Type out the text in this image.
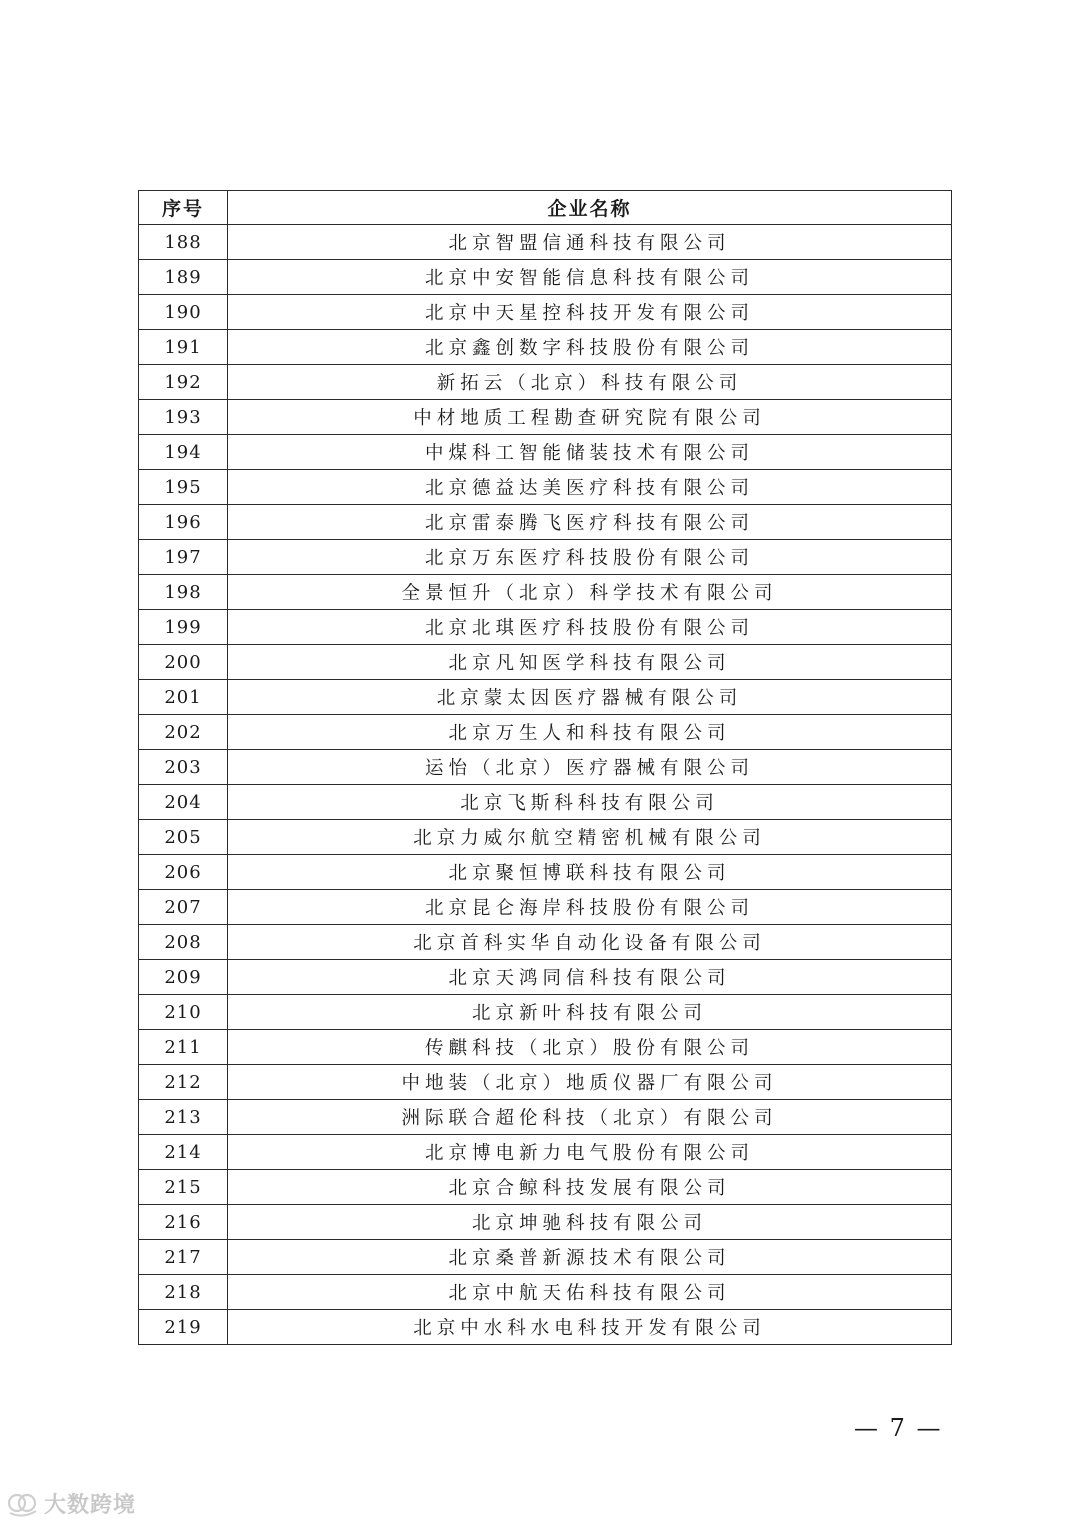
序号	企业名称
188	北京智盟信通科技有限公司
189	北京中安智能信息科技有限公司
190	北京中天星控科技开发有限公司
191	北京鑫创数字科技股份有限公司
192	新拓云（北京）科技有限公司
193	中材地质工程勘查研究院有限公司
194	中煤科工智能储装技术有限公司
195	北京德益达美医疗科技有限公司
196	北京雷泰腾飞医疗科技有限公司
197	北京万东医疗科技股份有限公司
198	全景恒升（北京）科学技术有限公司
199	北京北琪医疗科技股份有限公司
200	北京凡知医学科技有限公司
201	北京蒙太因医疗器械有限公司
202	北京万生人和科技有限公司
203	运怡（北京）医疗器械有限公司
204	北京飞斯科科技有限公司
205	北京力威尔航空精密机械有限公司
206	北京聚恒博联科技有限公司
207	北京昆仑海岸科技股份有限公司
208	北京首科实华自动化设备有限公司
209	北京天鸿同信科技有限公司
210	北京新叶科技有限公司
211	传麒科技（北京）股份有限公司
212	中地装（北京）地质仪器厂有限公司
213	洲际联合超伦科技（北京）有限公司
214	北京博电新力电气股份有限公司
215	北京合鲸科技发展有限公司
216	北京坤驰科技有限公司
217	北京桑普新源技术有限公司
218	北京中航天佑科技有限公司
219	北京中水科水电科技开发有限公司
— 7 —
大数跨境
